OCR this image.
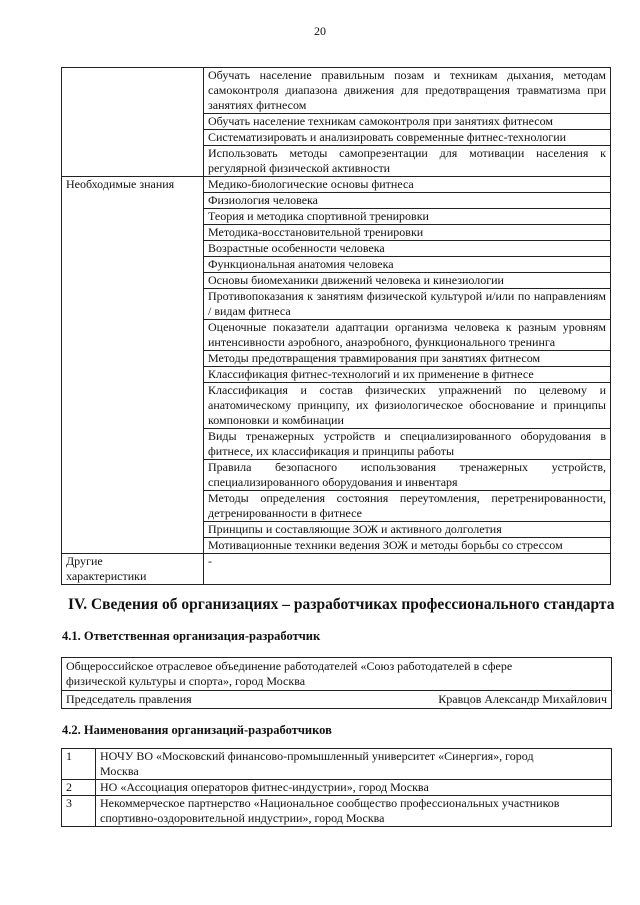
20
	Обучать население правильным позам и техникам дыхания, методам самоконтроля диапазона движения для предотвращения травматизма при занятиях фитнесом
	Обучать население техникам самоконтроля при занятиях фитнесом
	Систематизировать и анализировать современные фитнес-технологии
	Использовать методы самопрезентации для мотивации населения к регулярной физической активности
Необходимые знания	Медико-биологические основы фитнеса
	Физиология человека
	Теория и методика спортивной тренировки
	Методика-восстановительной тренировки
	Возрастные особенности человека
	Функциональная анатомия человека
	Основы биомеханики движений человека и кинезиологии
	Противопоказания к занятиям физической культурой и/или по направлениям / видам фитнеса
	Оценочные показатели адаптации организма человека к разным уровням интенсивности аэробного, анаэробного, функционального тренинга
	Методы предотвращения травмирования при занятиях фитнесом
	Классификация фитнес-технологий и их применение в фитнесе
	Классификация и состав физических упражнений по целевому и анатомическому принципу, их физиологическое обоснование и принципы компоновки и комбинации
	Виды тренажерных устройств и специализированного оборудования в фитнесе, их классификация и принципы работы
	Правила безопасного использования тренажерных устройств, специализированного оборудования и инвентаря
	Методы определения состояния переутомления, перетренированности, детренированности в фитнесе
	Принципы и составляющие ЗОЖ и активного долголетия
	Мотивационные техники ведения ЗОЖ и методы борьбы со стрессом

Другие
характеристики	-
IV. Сведения об организациях – разработчиках профессионального стандарта
4.1. Ответственная организация-разработчик
Общероссийское отраслевое объединение работодателей «Союз работодателей в сфере
физической культуры и спорта», город Москва

Председатель правления	Кравцов Александр Михайлович
4.2. Наименования организаций-разработчиков
1	НОЧУ ВО «Московский финансово-промышленный университет «Синергия», город
Москва

2	НО «Ассоциация операторов фитнес-индустрии», город Москва

3	Некоммерческое партнерство «Национальное сообщество профессиональных участников
спортивно-оздоровительной индустрии», город Москва
